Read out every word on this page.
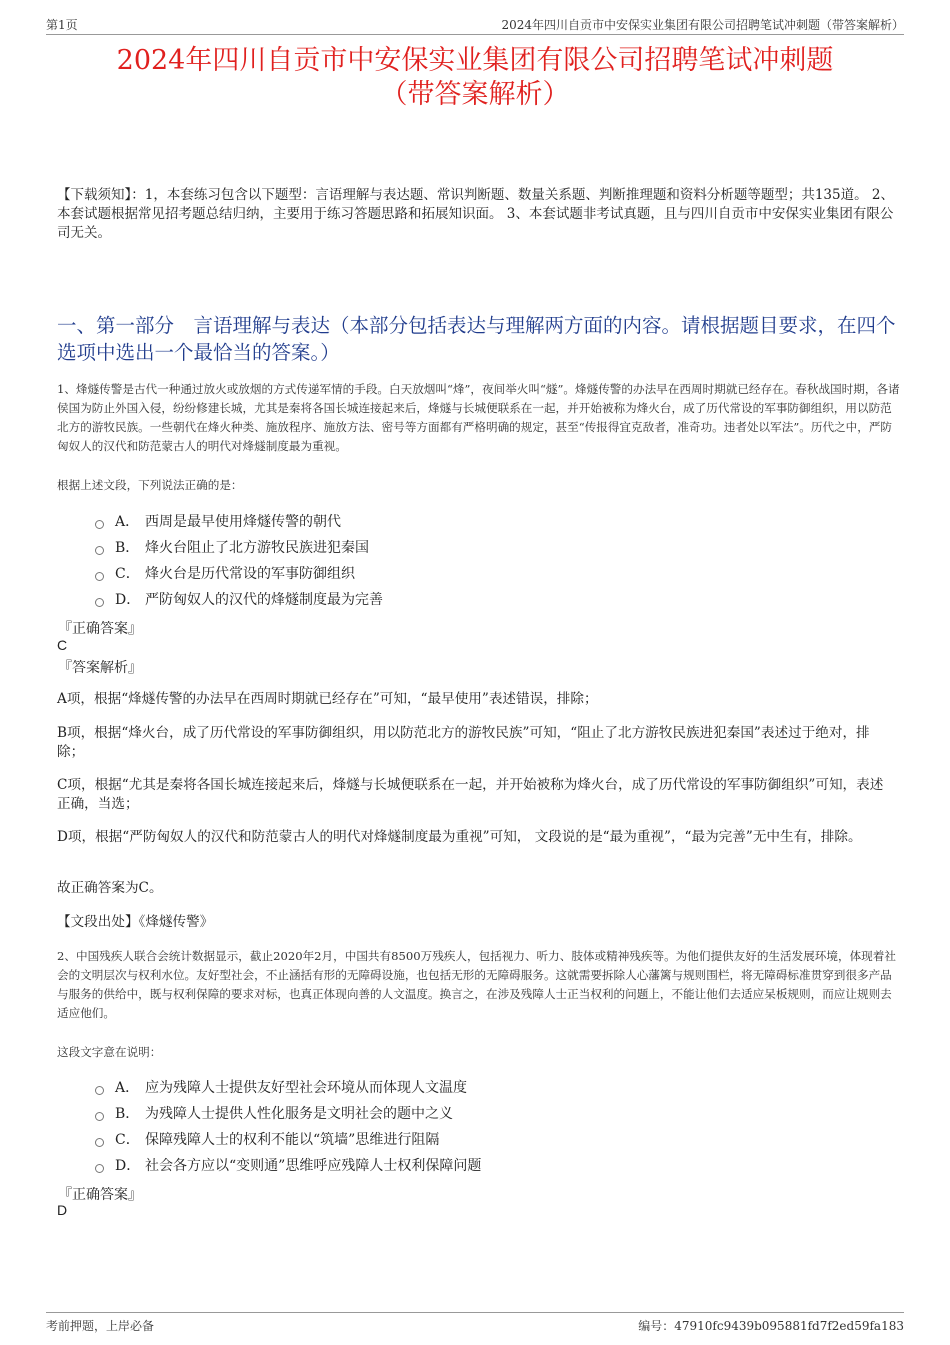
第1页	2024年四川自贡市中安保实业集团有限公司招聘笔试冲刺题（带答案解析）
2024年四川自贡市中安保实业集团有限公司招聘笔试冲刺题
（带答案解析）
【下载须知】：1，本套练习包含以下题型：言语理解与表达题、常识判断题、数量关系题、判断推理题和资料分析题等题型；共135道。 2、本套试题根据常见招考题总结归纳，主要用于练习答题思路和拓展知识面。 3、本套试题非考试真题，且与四川自贡市中安保实业集团有限公司无关。
一、第一部分　言语理解与表达（本部分包括表达与理解两方面的内容。请根据题目要求，在四个选项中选出一个最恰当的答案。）
1、烽燧传警是古代一种通过放火或放烟的方式传递军情的手段。白天放烟叫“烽”，夜间举火叫“燧”。烽燧传警的办法早在西周时期就已经存在。春秋战国时期，各诸侯国为防止外国入侵，纷纷修建长城，尤其是秦将各国长城连接起来后，烽燧与长城便联系在一起，并开始被称为烽火台，成了历代常设的军事防御组织，用以防范北方的游牧民族。一些朝代在烽火种类、施放程序、施放方法、密号等方面都有严格明确的规定，甚至“传报得宜克敌者，准奇功。违者处以军法”。历代之中，严防匈奴人的汉代和防范蒙古人的明代对烽燧制度最为重视。
根据上述文段，下列说法正确的是：
A． 西周是最早使用烽燧传警的朝代
B． 烽火台阻止了北方游牧民族进犯秦国
C． 烽火台是历代常设的军事防御组织
D． 严防匈奴人的汉代的烽燧制度最为完善
『正确答案』
C
『答案解析』
A项，根据“烽燧传警的办法早在西周时期就已经存在”可知，“最早使用”表述错误，排除；
B项，根据“烽火台，成了历代常设的军事防御组织，用以防范北方的游牧民族”可知，“阻止了北方游牧民族进犯秦国”表述过于绝对，排除；
C项，根据“尤其是秦将各国长城连接起来后，烽燧与长城便联系在一起，并开始被称为烽火台，成了历代常设的军事防御组织”可知，表述正确，当选；
D项，根据“严防匈奴人的汉代和防范蒙古人的明代对烽燧制度最为重视”可知， 文段说的是“最为重视”，“最为完善”无中生有，排除。
故正确答案为C。
【文段出处】《烽燧传警》
2、中国残疾人联合会统计数据显示，截止2020年2月，中国共有8500万残疾人，包括视力、听力、肢体或精神残疾等。为他们提供友好的生活发展环境，体现着社会的文明层次与权利水位。友好型社会，不止涵括有形的无障碍设施，也包括无形的无障碍服务。这就需要拆除人心藩篱与规则围栏，将无障碍标准贯穿到很多产品与服务的供给中，既与权利保障的要求对标，也真正体现向善的人文温度。换言之，在涉及残障人士正当权利的问题上，不能让他们去适应呆板规则，而应让规则去适应他们。
这段文字意在说明：
A． 应为残障人士提供友好型社会环境从而体现人文温度
B． 为残障人士提供人性化服务是文明社会的题中之义
C． 保障残障人士的权利不能以“筑墙”思维进行阻隔
D． 社会各方应以“变则通”思维呼应残障人士权利保障问题
『正确答案』
D
考前押题，上岸必备	编号：47910fc9439b095881fd7f2ed59fa183
